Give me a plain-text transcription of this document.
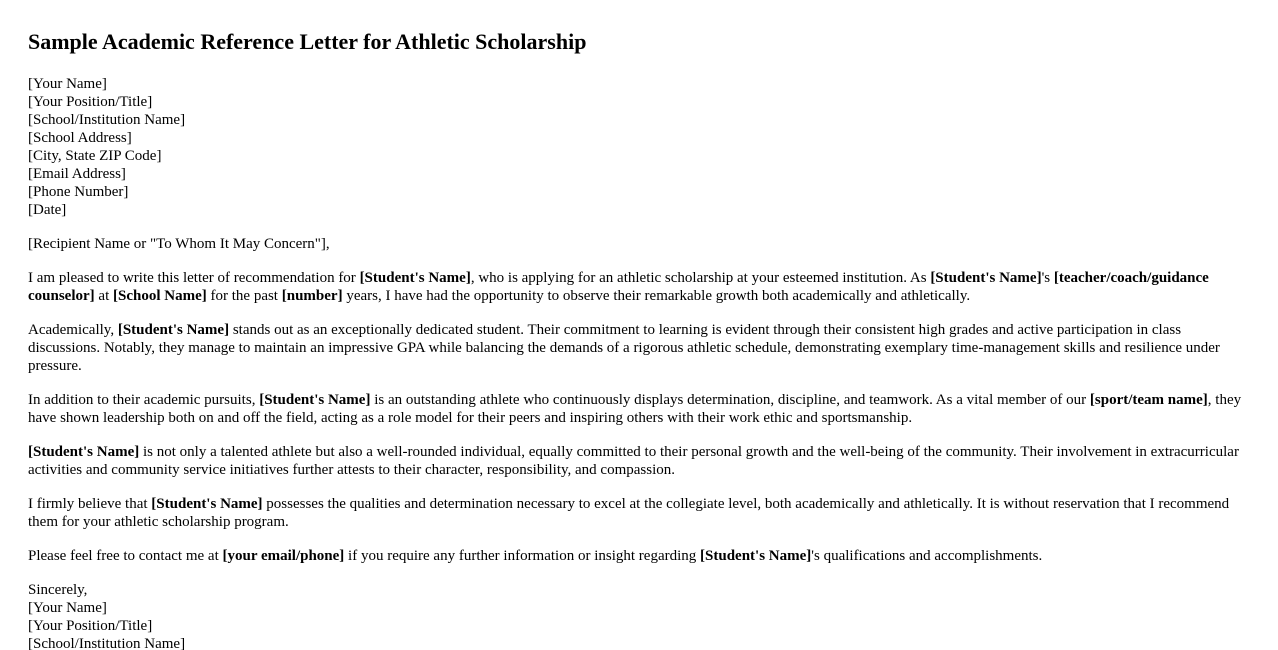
Sample Academic Reference Letter for Athletic Scholarship
[Your Name]
[Your Position/Title]
[School/Institution Name]
[School Address]
[City, State ZIP Code]
[Email Address]
[Phone Number]
[Date]

[Recipient Name or "To Whom It May Concern"],

I am pleased to write this letter of recommendation for [Student's Name], who is applying for an athletic scholarship at your esteemed institution. As [Student's Name]'s [teacher/coach/guidance counselor] at [School Name] for the past [number] years, I have had the opportunity to observe their remarkable growth both academically and athletically.

Academically, [Student's Name] stands out as an exceptionally dedicated student. Their commitment to learning is evident through their consistent high grades and active participation in class discussions. Notably, they manage to maintain an impressive GPA while balancing the demands of a rigorous athletic schedule, demonstrating exemplary time-management skills and resilience under pressure.

In addition to their academic pursuits, [Student's Name] is an outstanding athlete who continuously displays determination, discipline, and teamwork. As a vital member of our [sport/team name], they have shown leadership both on and off the field, acting as a role model for their peers and inspiring others with their work ethic and sportsmanship.

[Student's Name] is not only a talented athlete but also a well-rounded individual, equally committed to their personal growth and the well-being of the community. Their involvement in extracurricular activities and community service initiatives further attests to their character, responsibility, and compassion.

I firmly believe that [Student's Name] possesses the qualities and determination necessary to excel at the collegiate level, both academically and athletically. It is without reservation that I recommend them for your athletic scholarship program.

Please feel free to contact me at [your email/phone] if you require any further information or insight regarding [Student's Name]'s qualifications and accomplishments.

Sincerely,
[Your Name]
[Your Position/Title]
[School/Institution Name]
